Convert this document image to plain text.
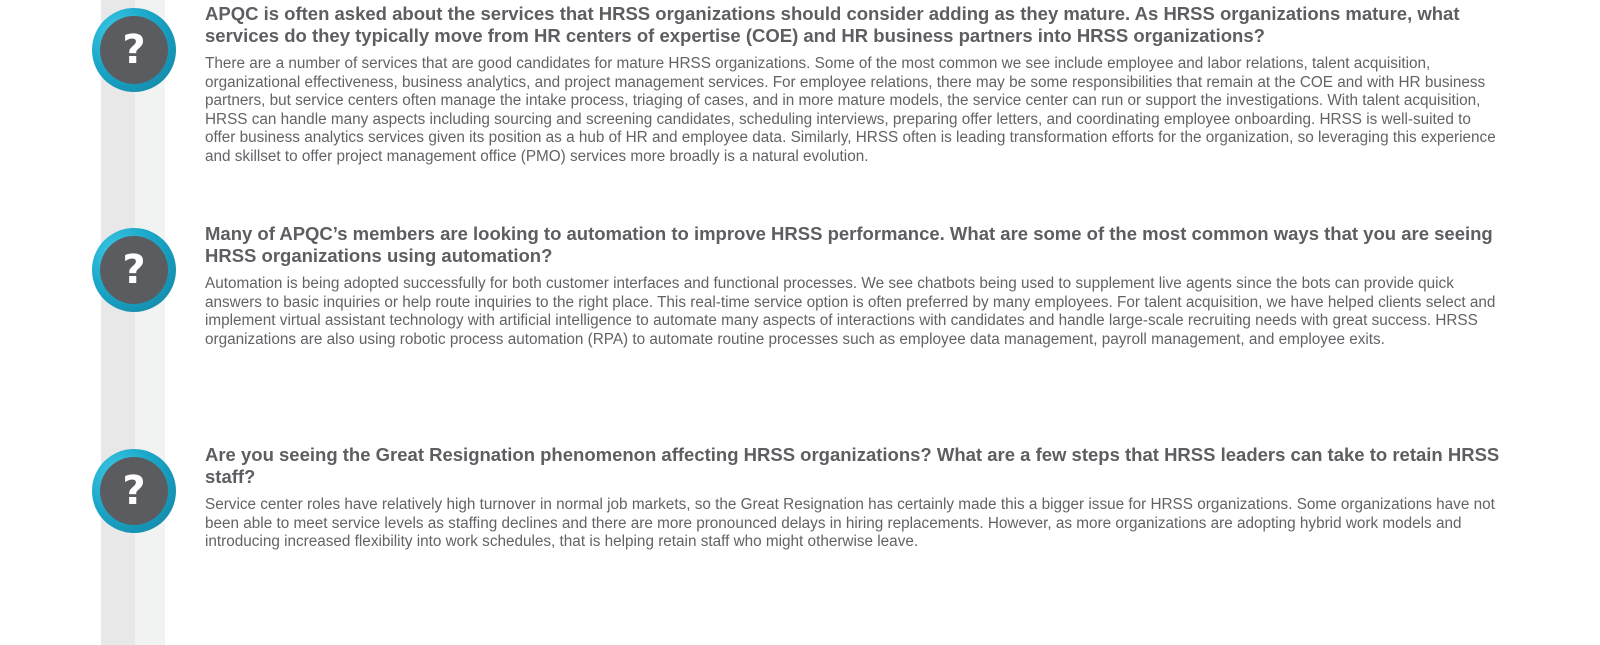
?

APQC is often asked about the services that HRSS organizations should consider adding as they mature. As HRSS organizations mature, what services do they typically move from HR centers of expertise (COE) and HR business partners into HRSS organizations?

There are a number of services that are good candidates for mature HRSS organizations. Some of the most common we see include employee and labor relations, talent acquisition, organizational effectiveness, business analytics, and project management services. For employee relations, there may be some responsibilities that remain at the COE and with HR business partners, but service centers often manage the intake process, triaging of cases, and in more mature models, the service center can run or support the investigations. With talent acquisition, HRSS can handle many aspects including sourcing and screening candidates, scheduling interviews, preparing offer letters, and coordinating employee onboarding. HRSS is well-suited to offer business analytics services given its position as a hub of HR and employee data. Similarly, HRSS often is leading transformation efforts for the organization, so leveraging this experience and skillset to offer project management office (PMO) services more broadly is a natural evolution.

?

Many of APQC’s members are looking to automation to improve HRSS performance. What are some of the most common ways that you are seeing HRSS organizations using automation?

Automation is being adopted successfully for both customer interfaces and functional processes. We see chatbots being used to supplement live agents since the bots can provide quick answers to basic inquiries or help route inquiries to the right place. This real-time service option is often preferred by many employees. For talent acquisition, we have helped clients select and implement virtual assistant technology with artificial intelligence to automate many aspects of interactions with candidates and handle large-scale recruiting needs with great success. HRSS organizations are also using robotic process automation (RPA) to automate routine processes such as employee data management, payroll management, and employee exits.

?

Are you seeing the Great Resignation phenomenon affecting HRSS organizations? What are a few steps that HRSS leaders can take to retain HRSS staff?

Service center roles have relatively high turnover in normal job markets, so the Great Resignation has certainly made this a bigger issue for HRSS organizations. Some organizations have not been able to meet service levels as staffing declines and there are more pronounced delays in hiring replacements. However, as more organizations are adopting hybrid work models and introducing increased flexibility into work schedules, that is helping retain staff who might otherwise leave.
